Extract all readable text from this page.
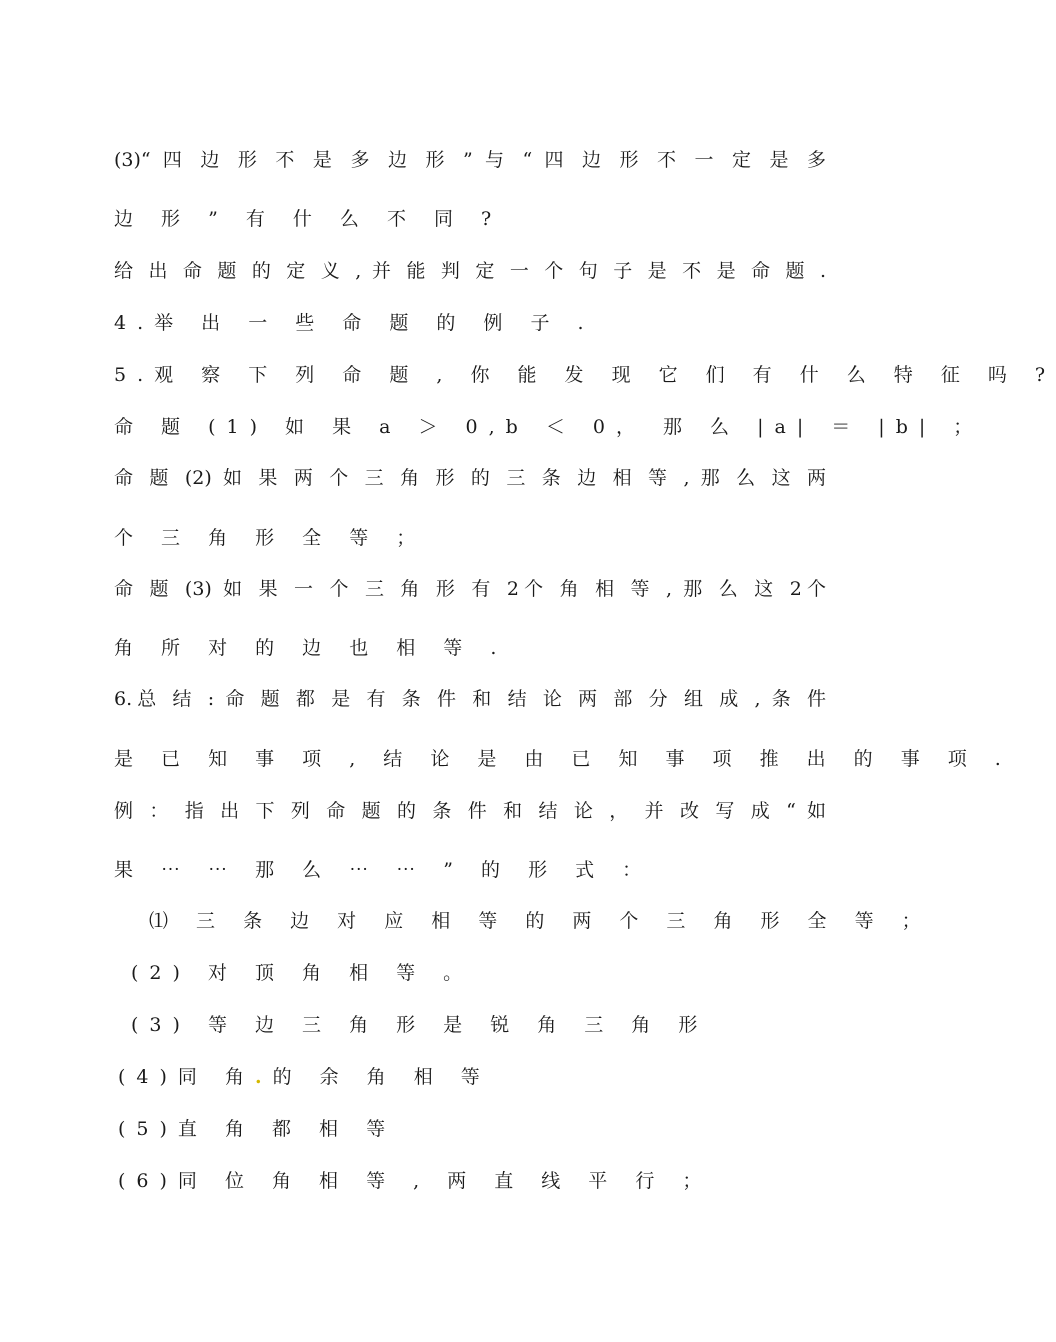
(3)“ 四 边 形 不 是 多 边 形 ” 与 “ 四 边 形 不 一 定 是 多
边 形 ” 有 什 么 不 同 ?
给 出 命 题 的 定 义 , 并 能 判 定 一 个 句 子 是 不 是 命 题 .
4.举 出 一 些 命 题 的 例 子 .
5.观 察 下 列 命 题 , 你 能 发 现 它 们 有 什 么 特 征 吗 ?
命 题 (1) 如 果 a ＞ 0,b ＜ 0， 那 么 |a| ＝ |b| ；
命 题 (2) 如 果 两 个 三 角 形 的 三 条 边 相 等 , 那 么 这 两
个 三 角 形 全 等 ；
命 题 (3) 如 果 一 个 三 角 形 有 2个 角 相 等 , 那 么 这 2个
角 所 对 的 边 也 相 等 .
6.总 结 : 命 题 都 是 有 条 件 和 结 论 两 部 分 组 成 , 条 件
是 已 知 事 项 , 结 论 是 由 已 知 事 项 推 出 的 事 项 .
例 ： 指 出 下 列 命 题 的 条 件 和 结 论 ， 并 改 写 成 “ 如
果 ⋯ ⋯ 那 么 ⋯ ⋯ ” 的 形 式 ：
⑴ 三 条 边 对 应 相 等 的 两 个 三 角 形 全 等 ；
(2) 对 顶 角 相 等 。
(3) 等 边 三 角 形 是 锐 角 三 角 形
(4)同 角.的 余 角 相 等
(5)直 角 都 相 等
(6)同 位 角 相 等 , 两 直 线 平 行 ；
